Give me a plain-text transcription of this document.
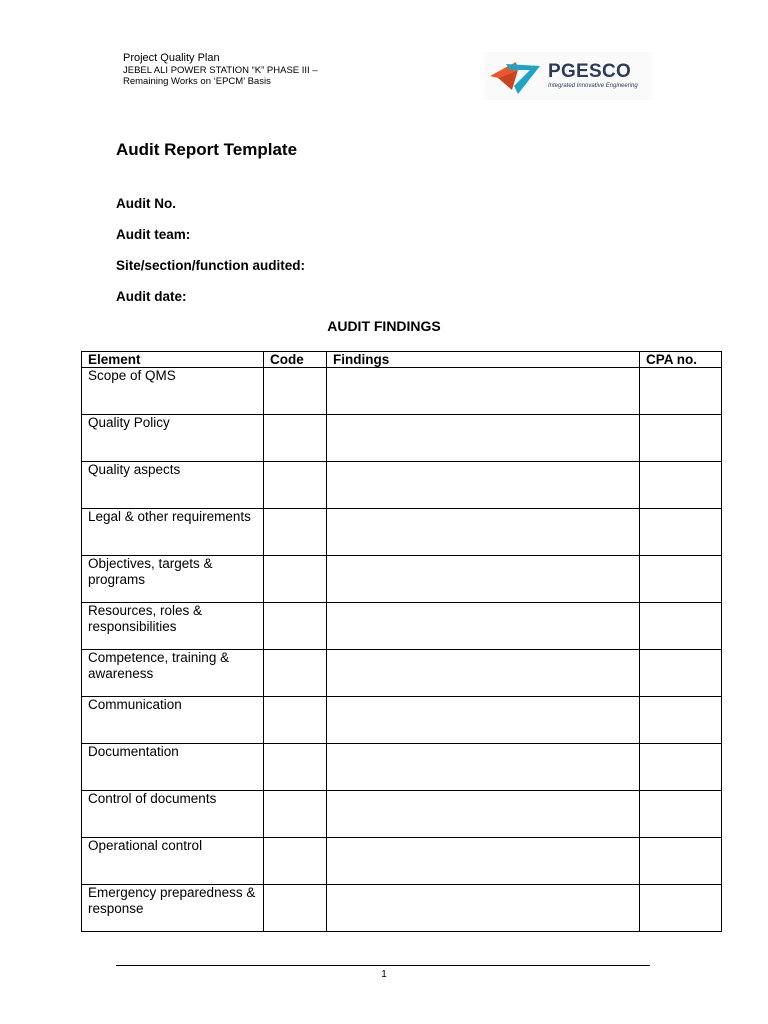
Project Quality Plan
JEBEL ALI POWER STATION “K” PHASE III –
Remaining Works on ‘EPCM’ Basis	PGESCO
Integrated Innovative Engineering
Audit Report Template
Audit No.
Audit team:
Site/section/function audited:
Audit date:
AUDIT FINDINGS
Element	Code	Findings	CPA no.
Scope of QMS			
Quality Policy			
Quality aspects			
Legal & other requirements			
Objectives, targets & programs			
Resources, roles & responsibilities			
Competence, training & awareness			
Communication			
Documentation			
Control of documents			
Operational control			
Emergency preparedness & response			
1
